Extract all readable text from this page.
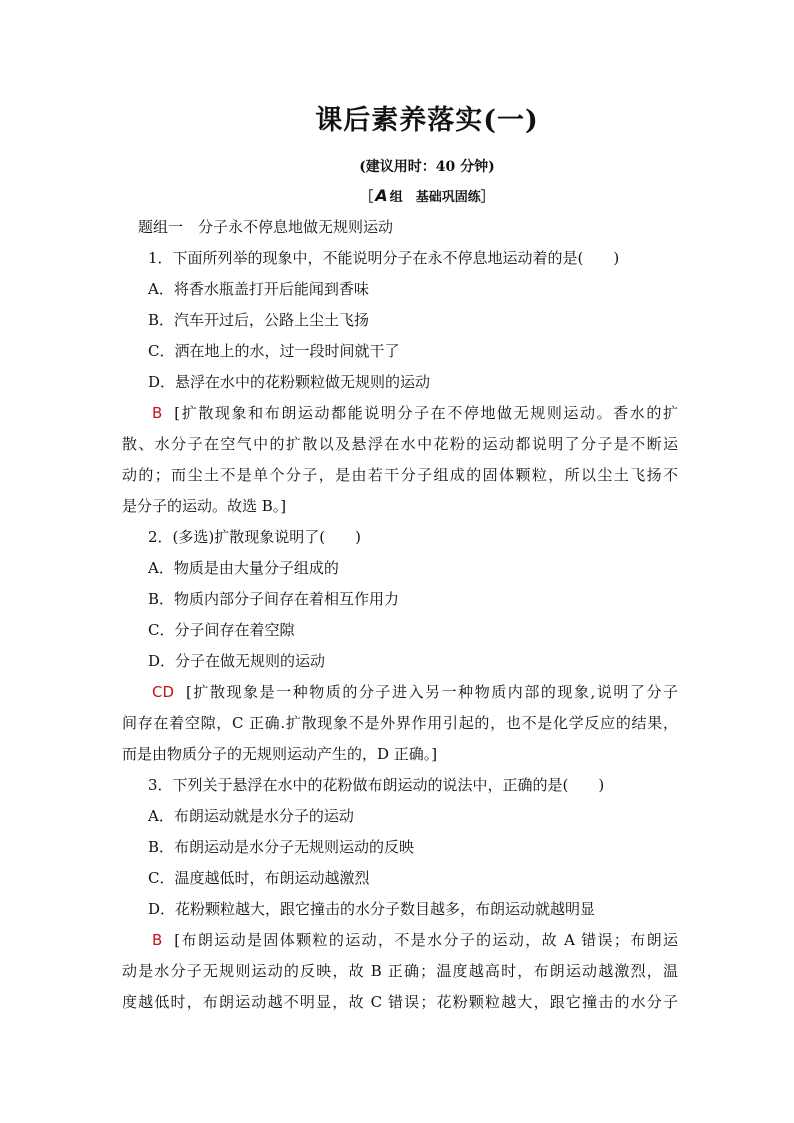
课后素养落实(一)
(建议用时：40 分钟)
［ A 组　基础巩固练］
题组一　分子永不停息地做无规则运动
1．下面所列举的现象中，不能说明分子在永不停息地运动着的是(　　)
A．将香水瓶盖打开后能闻到香味
B．汽车开过后，公路上尘土飞扬
C．洒在地上的水，过一段时间就干了
D．悬浮在水中的花粉颗粒做无规则的运动
B [扩散现象和布朗运动都能说明分子在不停地做无规则运动。香水的扩
散、水分子在空气中的扩散以及悬浮在水中花粉的运动都说明了分子是不断运
动的；而尘土不是单个分子，是由若干分子组成的固体颗粒，所以尘土飞扬不
是分子的运动。故选 B。]
2．(多选)扩散现象说明了(　　)
A．物质是由大量分子组成的
B．物质内部分子间存在着相互作用力
C．分子间存在着空隙
D．分子在做无规则的运动
CD [扩散现象是一种物质的分子进入另一种物质内部的现象,说明了分子
间存在着空隙，C 正确.扩散现象不是外界作用引起的，也不是化学反应的结果，
而是由物质分子的无规则运动产生的，D 正确。]
3．下列关于悬浮在水中的花粉做布朗运动的说法中，正确的是(　　)
A．布朗运动就是水分子的运动
B．布朗运动是水分子无规则运动的反映
C．温度越低时，布朗运动越激烈
D．花粉颗粒越大，跟它撞击的水分子数目越多，布朗运动就越明显
B [布朗运动是固体颗粒的运动，不是水分子的运动，故 A 错误；布朗运
动是水分子无规则运动的反映，故 B 正确；温度越高时，布朗运动越激烈，温
度越低时，布朗运动越不明显，故 C 错误；花粉颗粒越大，跟它撞击的水分子
